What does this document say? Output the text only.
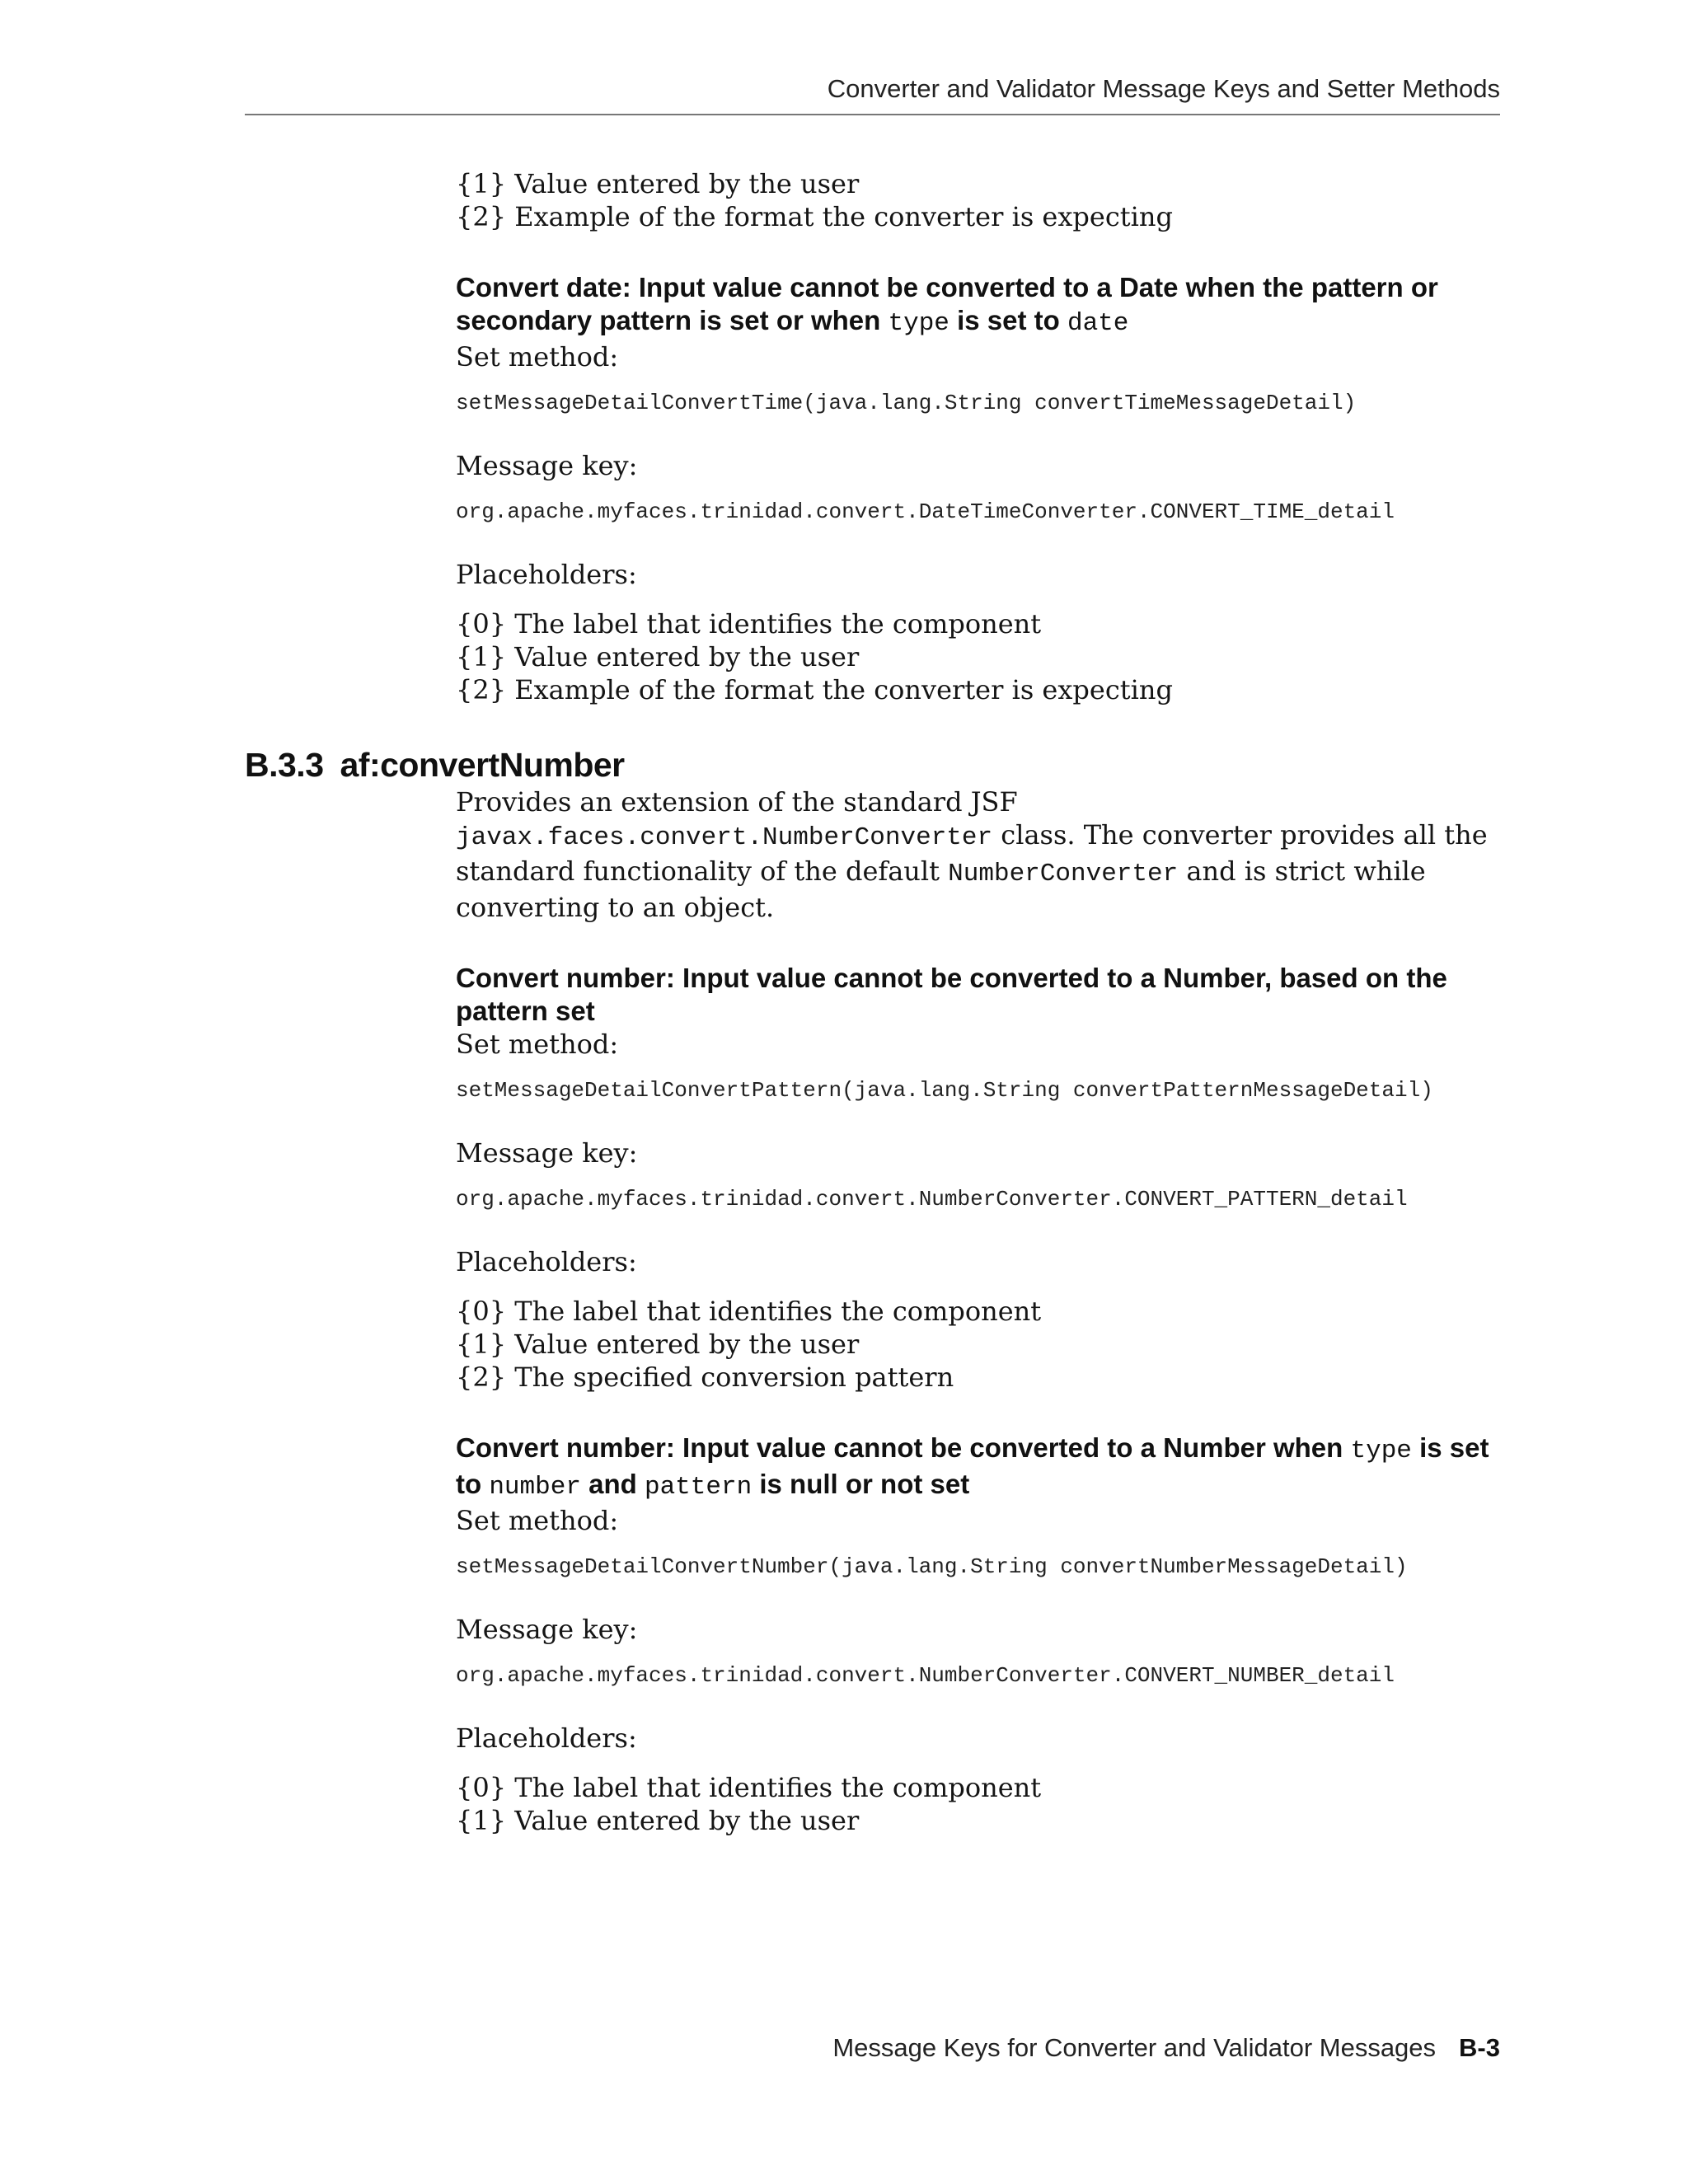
Converter and Validator Message Keys and Setter Methods
{1} Value entered by the user
{2} Example of the format the converter is expecting
Convert date: Input value cannot be converted to a Date when the pattern or secondary pattern is set or when type is set to date

Set method:

setMessageDetailConvertTime(java.lang.String convertTimeMessageDetail)

Message key:

org.apache.myfaces.trinidad.convert.DateTimeConverter.CONVERT_TIME_detail

Placeholders:

{0} The label that identifies the component
{1} Value entered by the user
{2} Example of the format the converter is expecting
B.3.3 af:convertNumber

Provides an extension of the standard JSF javax.faces.convert.NumberConverter class. The converter provides all the standard functionality of the default NumberConverter and is strict while converting to an object.

Convert number: Input value cannot be converted to a Number, based on the pattern set

Set method:

setMessageDetailConvertPattern(java.lang.String convertPatternMessageDetail)

Message key:

org.apache.myfaces.trinidad.convert.NumberConverter.CONVERT_PATTERN_detail

Placeholders:

{0} The label that identifies the component
{1} Value entered by the user
{2} The specified conversion pattern
Convert number: Input value cannot be converted to a Number when type is set to number and pattern is null or not set

Set method:

setMessageDetailConvertNumber(java.lang.String convertNumberMessageDetail)

Message key:

org.apache.myfaces.trinidad.convert.NumberConverter.CONVERT_NUMBER_detail

Placeholders:

{0} The label that identifies the component
{1} Value entered by the user
Message Keys for Converter and Validator Messages B-3
